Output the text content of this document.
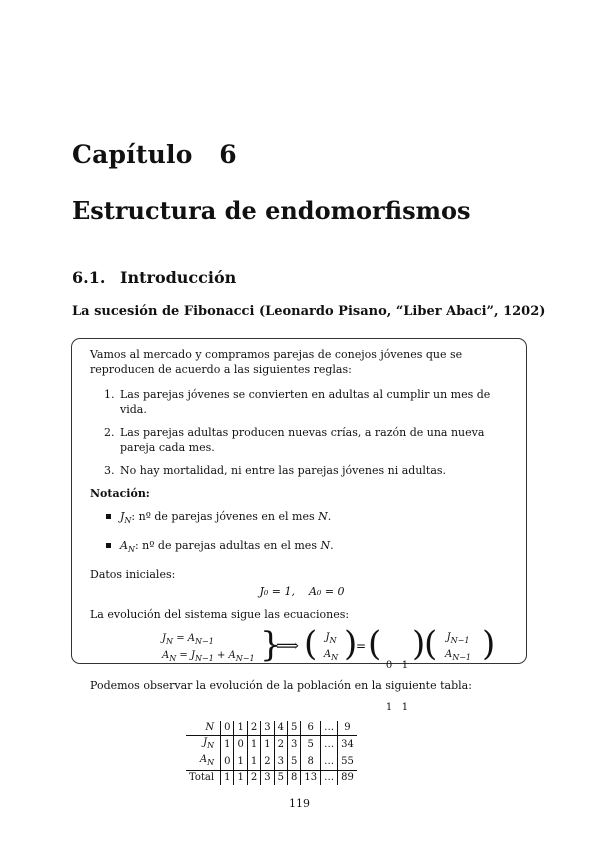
Capítulo   6
Estructura de endomorfismos
6.1. Introducción
La sucesión de Fibonacci (Leonardo Pisano, “Liber Abaci”, 1202)

Vamos al mercado y compramos parejas de conejos jóvenes que se reproducen de acuerdo a las siguientes reglas:

1. Las parejas jóvenes se convierten en adultas al cumplir un mes de vida.
2. Las parejas adultas producen nuevas crías, a razón de una nueva pareja cada mes.
3. No hay mortalidad, ni entre las parejas jóvenes ni adultas.
Notación:
$J_N$: nº de parejas jóvenes en el mes N.
$A_N$: nº de parejas adultas en el mes N.
Datos iniciales:
J₀ = 1,    A₀ = 0
La evolución del sistema sigue las ecuaciones:
$J_N = A_{N-1}$
$A_N = J_{N-1} + A_{N-1}$ }
⟹ ( $J_N$
$A_N$ )
= (

0   1

1   1

)
( $J_{N-1}$
$A_{N-1}$ )
Podemos observar la evolución de la población en la siguiente tabla:
N	0	1	2	3	4	5	6	…	9
$J_N$	1	0	1	1	2	3	5	…	34
$A_N$	0	1	1	2	3	5	8	…	55
Total	1	1	2	3	5	8	13	…	89
119
